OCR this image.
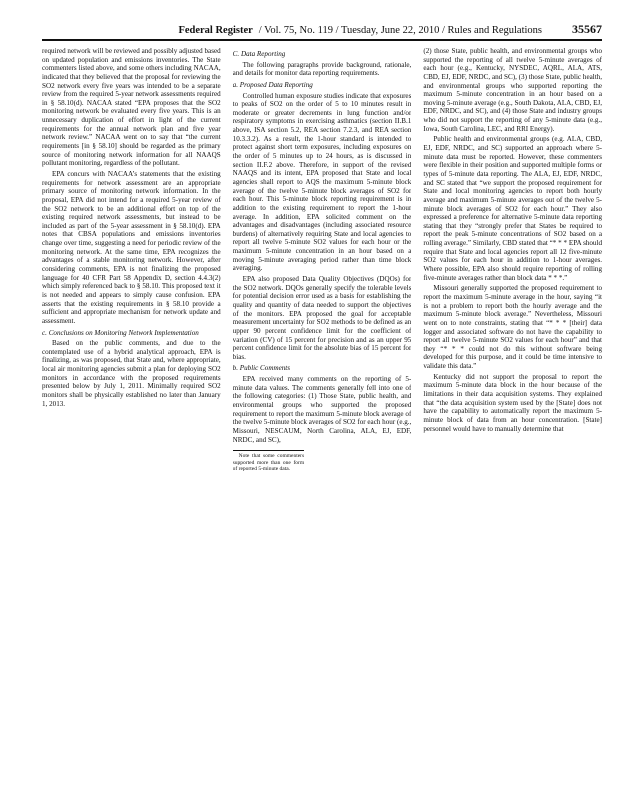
Federal Register / Vol. 75, No. 119 / Tuesday, June 22, 2010 / Rules and Regulations	35567

required network will be reviewed and possibly adjusted based on updated population and emissions inventories. The State commenters listed above, and some others including NACAA, indicated that they believed that the proposal for reviewing the SO2 network every five years was intended to be a separate review from the required 5-year network assessments required in § 58.10(d). NACAA stated “EPA proposes that the SO2 monitoring network be evaluated every five years. This is an unnecessary duplication of effort in light of the current requirements for the annual network plan and five year network review.” NACAA went on to say that “the current requirements [in § 58.10] should be regarded as the primary source of monitoring network information for all NAAQS pollutant monitoring, regardless of the pollutant.

EPA concurs with NACAA’s statements that the existing requirements for network assessment are an appropriate primary source of monitoring network information. In the proposal, EPA did not intend for a required 5-year review of the SO2 network to be an additional effort on top of the existing required network assessments, but instead to be included as part of the 5-year assessment in § 58.10(d). EPA notes that CBSA populations and emissions inventories change over time, suggesting a need for periodic review of the monitoring network. At the same time, EPA recognizes the advantages of a stable monitoring network. However, after considering comments, EPA is not finalizing the proposed language for 40 CFR Part 58 Appendix D, section 4.4.3(2) which simply referenced back to § 58.10. This proposed text it is not needed and appears to simply cause confusion. EPA asserts that the existing requirements in § 58.10 provide a sufficient and appropriate mechanism for network update and assessment.

c. Conclusions on Monitoring Network Implementation

Based on the public comments, and due to the contemplated use of a hybrid analytical approach, EPA is finalizing, as was proposed, that State and, where appropriate, local air monitoring agencies submit a plan for deploying SO2 monitors in accordance with the proposed requirements presented below by July 1, 2011. Minimally required SO2 monitors shall be physically established no later than January 1, 2013.

C. Data Reporting

The following paragraphs provide background, rationale, and details for monitor data reporting requirements.

a. Proposed Data Reporting

Controlled human exposure studies indicate that exposures to peaks of SO2 on the order of 5 to 10 minutes result in moderate or greater decrements in lung function and/or respiratory symptoms in exercising asthmatics (section II.B.1 above, ISA section 5.2, REA section 7.2.3, and REA section 10.3.3.2). As a result, the 1-hour standard is intended to protect against short term exposures, including exposures on the order of 5 minutes up to 24 hours, as is discussed in section II.F.2 above. Therefore, in support of the revised NAAQS and its intent, EPA proposed that State and local agencies shall report to AQS the maximum 5-minute block average of the twelve 5-minute block averages of SO2 for each hour. This 5-minute block reporting requirement is in addition to the existing requirement to report the 1-hour average. In addition, EPA solicited comment on the advantages and disadvantages (including associated resource burdens) of alternatively requiring State and local agencies to report all twelve 5-minute SO2 values for each hour or the maximum 5-minute concentration in an hour based on a moving 5-minute averaging period rather than time block averaging.

EPA also proposed Data Quality Objectives (DQOs) for the SO2 network. DQOs generally specify the tolerable levels for potential decision error used as a basis for establishing the quality and quantity of data needed to support the objectives of the monitors. EPA proposed the goal for acceptable measurement uncertainty for SO2 methods to be defined as an upper 90 percent confidence limit for the coefficient of variation (CV) of 15 percent for precision and as an upper 95 percent confidence limit for the absolute bias of 15 percent for bias.

b. Public Comments

EPA received many comments on the reporting of 5-minute data values. The comments generally fell into one of the following categories: (1) Those State, public health, and environmental groups who supported the proposed requirement to report the maximum 5-minute block average of the twelve 5-minute block averages of SO2 for each hour (e.g., Missouri, NESCAUM, North Carolina, ALA, EJ, EDF, NRDC, and SC),

Note that some commenters supported more than one form of reported 5-minute data.

(2) those State, public health, and environmental groups who supported the reporting of all twelve 5-minute averages of each hour (e.g., Kentucky, NYSDEC, AQRL, ALA, ATS, CBD, EJ, EDF, NRDC, and SC), (3) those State, public health, and environmental groups who supported reporting the maximum 5-minute concentration in an hour based on a moving 5-minute average (e.g., South Dakota, ALA, CBD, EJ, EDF, NRDC, and SC), and (4) those State and industry groups who did not support the reporting of any 5-minute data (e.g., Iowa, South Carolina, LEC, and RRI Energy).

Public health and environmental groups (e.g. ALA, CBD, EJ, EDF, NRDC, and SC) supported an approach where 5-minute data must be reported. However, these commenters were flexible in their position and supported multiple forms or types of 5-minute data reporting. The ALA, EJ, EDF, NRDC, and SC stated that “we support the proposed requirement for State and local monitoring agencies to report both hourly average and maximum 5-minute averages out of the twelve 5-minute block averages of SO2 for each hour.” They also expressed a preference for alternative 5-minute data reporting stating that they “strongly prefer that States be required to report the peak 5-minute concentrations of SO2 based on a rolling average.” Similarly, CBD stated that “* * * EPA should require that State and local agencies report all 12 five-minute SO2 values for each hour in addition to 1-hour averages. Where possible, EPA also should require reporting of rolling five-minute averages rather than block data * * *.”

Missouri generally supported the proposed requirement to report the maximum 5-minute average in the hour, saying “it is not a problem to report both the hourly average and the maximum 5-minute block average.” Nevertheless, Missouri went on to note constraints, stating that “* * * [their] data logger and associated software do not have the capability to report all twelve 5-minute SO2 values for each hour” and that they “* * * could not do this without software being developed for this purpose, and it could be time intensive to validate this data.”

Kentucky did not support the proposal to report the maximum 5-minute data block in the hour because of the limitations in their data acquisition systems. They explained that “the data acquisition system used by the [State] does not have the capability to automatically report the maximum 5-minute block of data from an hour concentration. [State] personnel would have to manually determine that
